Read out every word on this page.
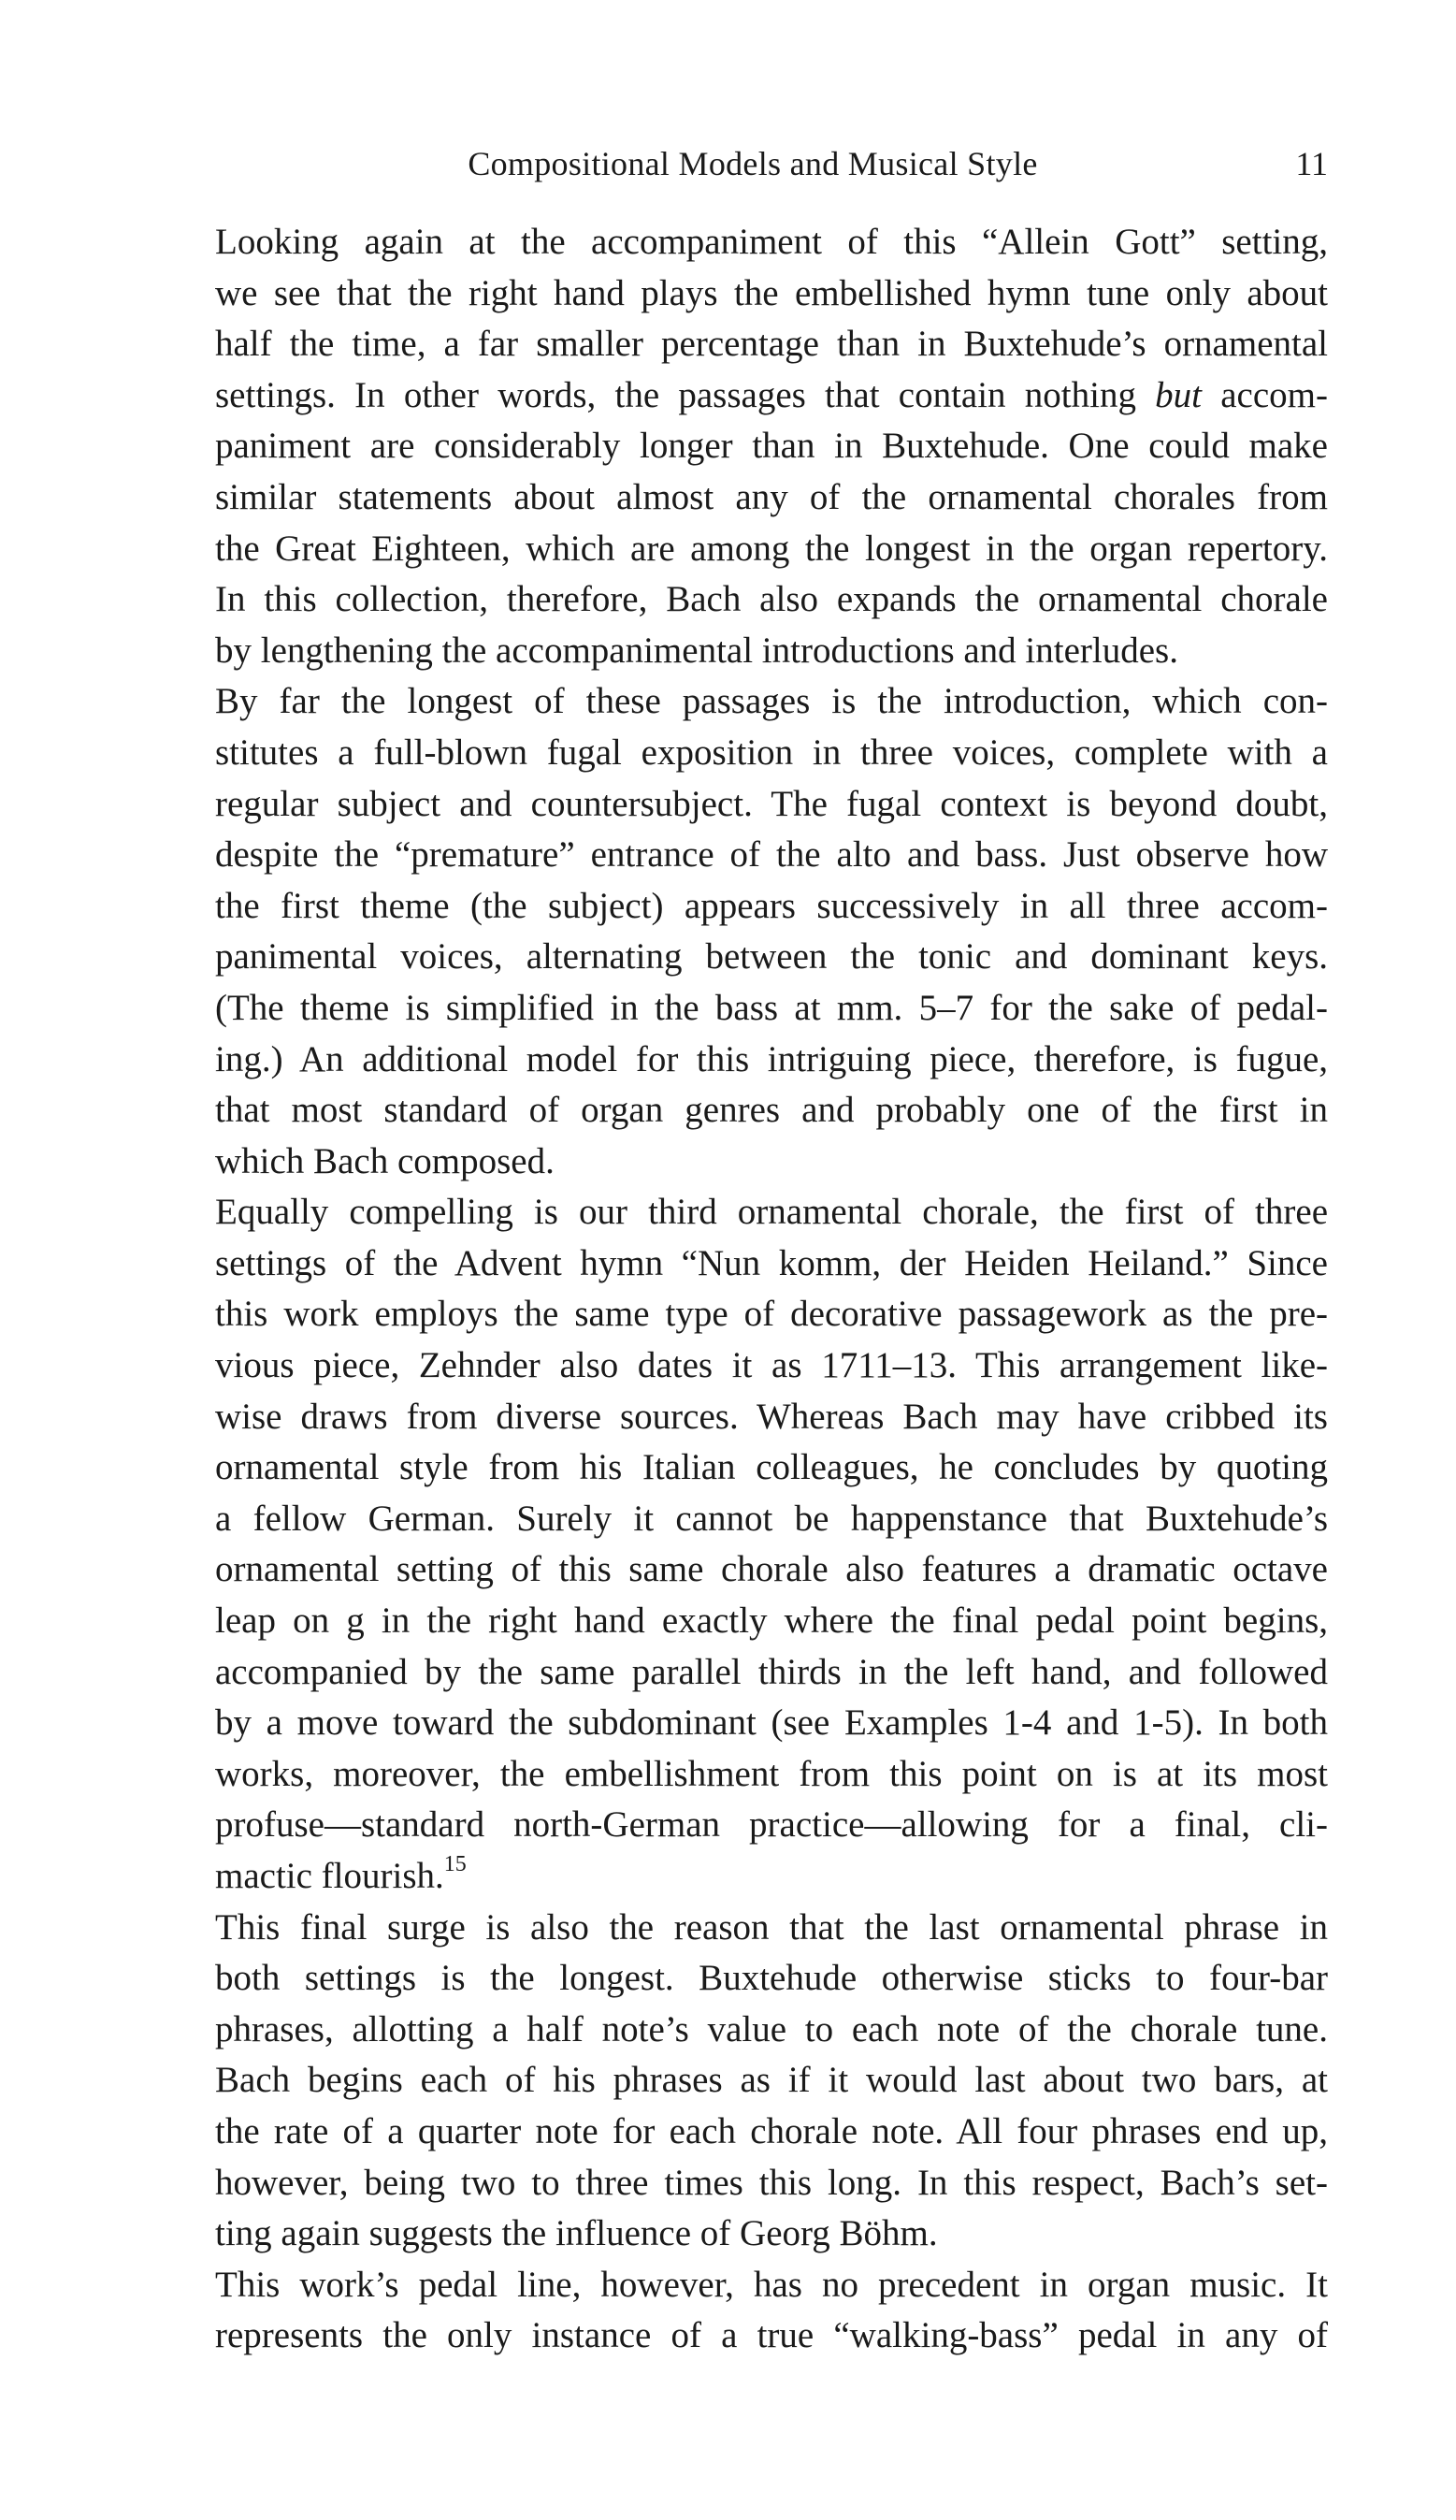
Compositional Models and Musical Style	11

Looking again at the accompaniment of this “Allein Gott” setting,
we see that the right hand plays the embellished hymn tune only about
half the time, a far smaller percentage than in Buxtehude’s ornamental
settings. In other words, the passages that contain nothing but accom-
paniment are considerably longer than in Buxtehude. One could make
similar statements about almost any of the ornamental chorales from
the Great Eighteen, which are among the longest in the organ repertory.
In this collection, therefore, Bach also expands the ornamental chorale
by lengthening the accompanimental introductions and interludes.

By far the longest of these passages is the introduction, which con-
stitutes a full-blown fugal exposition in three voices, complete with a
regular subject and countersubject. The fugal context is beyond doubt,
despite the “premature” entrance of the alto and bass. Just observe how
the first theme (the subject) appears successively in all three accom-
panimental voices, alternating between the tonic and dominant keys.
(The theme is simplified in the bass at mm. 5–7 for the sake of pedal-
ing.) An additional model for this intriguing piece, therefore, is fugue,
that most standard of organ genres and probably one of the first in
which Bach composed.

Equally compelling is our third ornamental chorale, the first of three
settings of the Advent hymn “Nun komm, der Heiden Heiland.” Since
this work employs the same type of decorative passagework as the pre-
vious piece, Zehnder also dates it as 1711–13. This arrangement like-
wise draws from diverse sources. Whereas Bach may have cribbed its
ornamental style from his Italian colleagues, he concludes by quoting
a fellow German. Surely it cannot be happenstance that Buxtehude’s
ornamental setting of this same chorale also features a dramatic octave
leap on g in the right hand exactly where the final pedal point begins,
accompanied by the same parallel thirds in the left hand, and followed
by a move toward the subdominant (see Examples 1-4 and 1-5). In both
works, moreover, the embellishment from this point on is at its most
profuse—standard north-German practice—allowing for a final, cli-
mactic flourish.$^{15}$

This final surge is also the reason that the last ornamental phrase in
both settings is the longest. Buxtehude otherwise sticks to four-bar
phrases, allotting a half note’s value to each note of the chorale tune.
Bach begins each of his phrases as if it would last about two bars, at
the rate of a quarter note for each chorale note. All four phrases end up,
however, being two to three times this long. In this respect, Bach’s set-
ting again suggests the influence of Georg Böhm.

This work’s pedal line, however, has no precedent in organ music. It
represents the only instance of a true “walking-bass” pedal in any of
